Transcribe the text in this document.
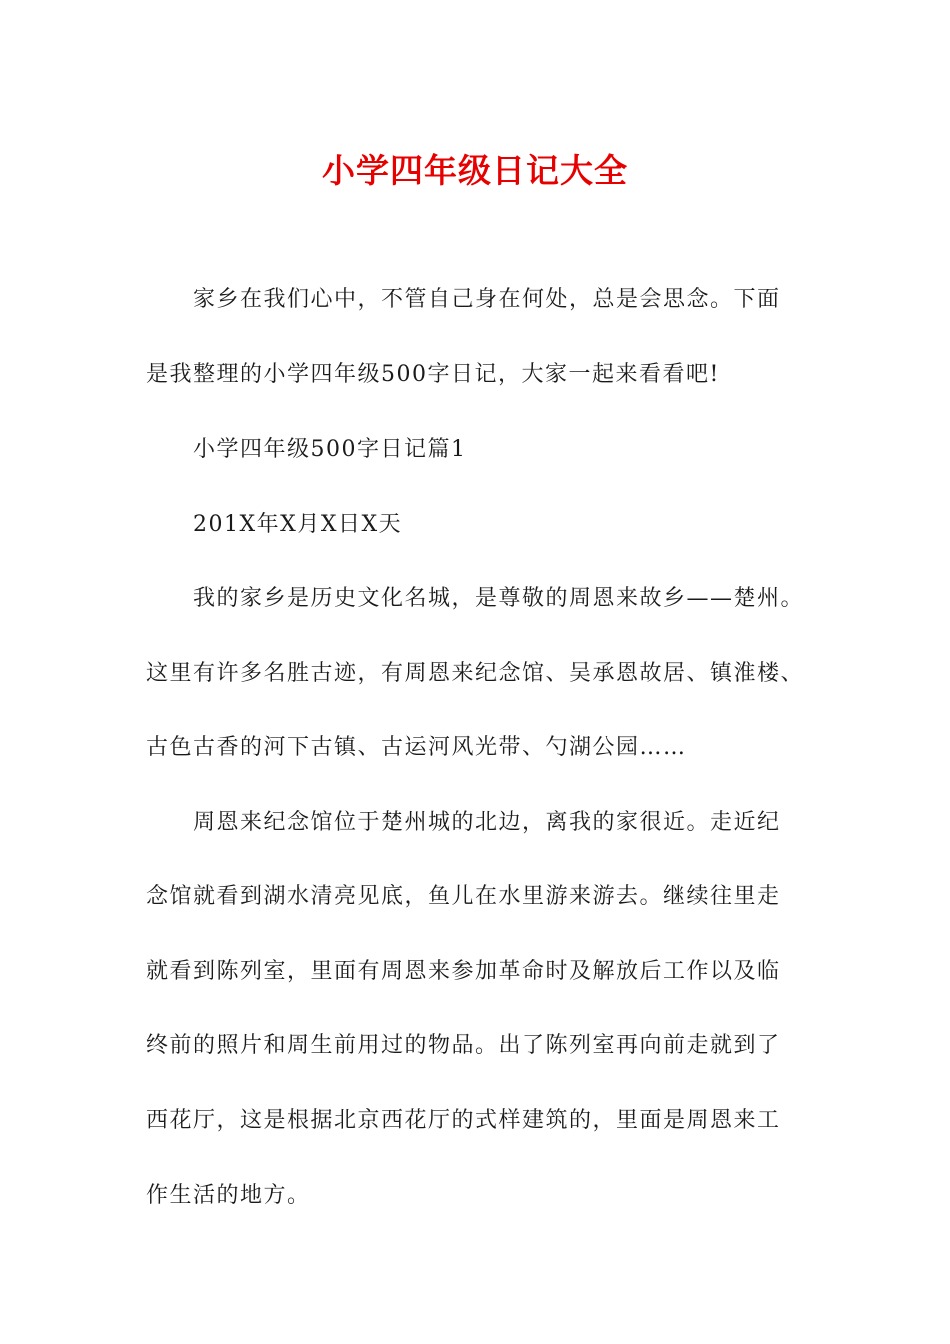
小学四年级日记大全
家乡在我们心中，不管自己身在何处，总是会思念。下面
是我整理的小学四年级500字日记，大家一起来看看吧!
小学四年级500字日记篇1
201X年X月X日X天
我的家乡是历史文化名城，是尊敬的周恩来故乡——楚州。
这里有许多名胜古迹，有周恩来纪念馆、吴承恩故居、镇淮楼、
古色古香的河下古镇、古运河风光带、勺湖公园……
周恩来纪念馆位于楚州城的北边，离我的家很近。走近纪
念馆就看到湖水清亮见底，鱼儿在水里游来游去。继续往里走
就看到陈列室，里面有周恩来参加革命时及解放后工作以及临
终前的照片和周生前用过的物品。出了陈列室再向前走就到了
西花厅，这是根据北京西花厅的式样建筑的，里面是周恩来工
作生活的地方。
